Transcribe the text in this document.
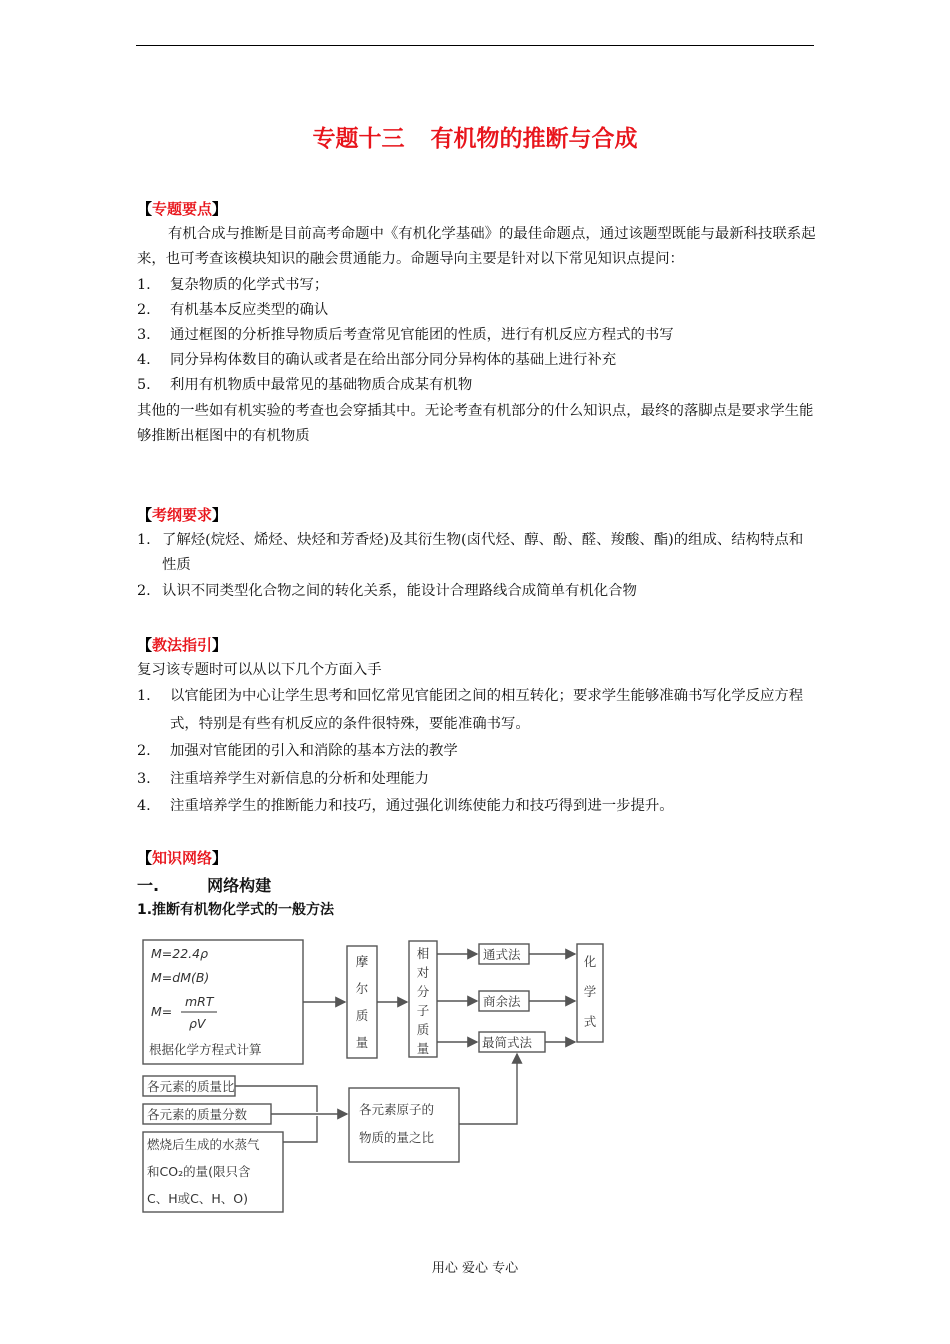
专题十三 有机物的推断与合成
【专题要点】
有机合成与推断是目前高考命题中《有机化学基础》的最佳命题点，通过该题型既能与最新科技联系起来，也可考查该模块知识的融会贯通能力。命题导向主要是针对以下常见知识点提问：
1.	复杂物质的化学式书写；
2.	有机基本反应类型的确认
3.	通过框图的分析推导物质后考查常见官能团的性质，进行有机反应方程式的书写
4.	同分异构体数目的确认或者是在给出部分同分异构体的基础上进行补充
5.	利用有机物质中最常见的基础物质合成某有机物
其他的一些如有机实验的考查也会穿插其中。无论考查有机部分的什么知识点，最终的落脚点是要求学生能够推断出框图中的有机物质
【考纲要求】
1. 了解烃(烷烃、烯烃、炔烃和芳香烃)及其衍生物(卤代烃、醇、酚、醛、羧酸、酯)的组成、结构特点和性质
2. 认识不同类型化合物之间的转化关系，能设计合理路线合成简单有机化合物
【教法指引】
复习该专题时可以从以下几个方面入手
1.	以官能团为中心让学生思考和回忆常见官能团之间的相互转化；要求学生能够准确书写化学反应方程式，特别是有些有机反应的条件很特殊，要能准确书写。
2.	加强对官能团的引入和消除的基本方法的教学
3.	注重培养学生对新信息的分析和处理能力
4.	注重培养学生的推断能力和技巧，通过强化训练使能力和技巧得到进一步提升。
【知识网络】
一.	网络构建
1.推断有机物化学式的一般方法
M=22.4ρ
M=dM(B)
M=
mRT
ρV
根据化学方程式计算
摩
尔
质
量
相
对
分
子
质
量
化
学
式
通式法
商余法
最简式法
各元素的质量比
各元素的质量分数
燃烧后生成的水蒸气
和CO₂的量(限只含
C、H或C、H、O)
各元素原子的
物质的量之比
用心 爱心 专心
